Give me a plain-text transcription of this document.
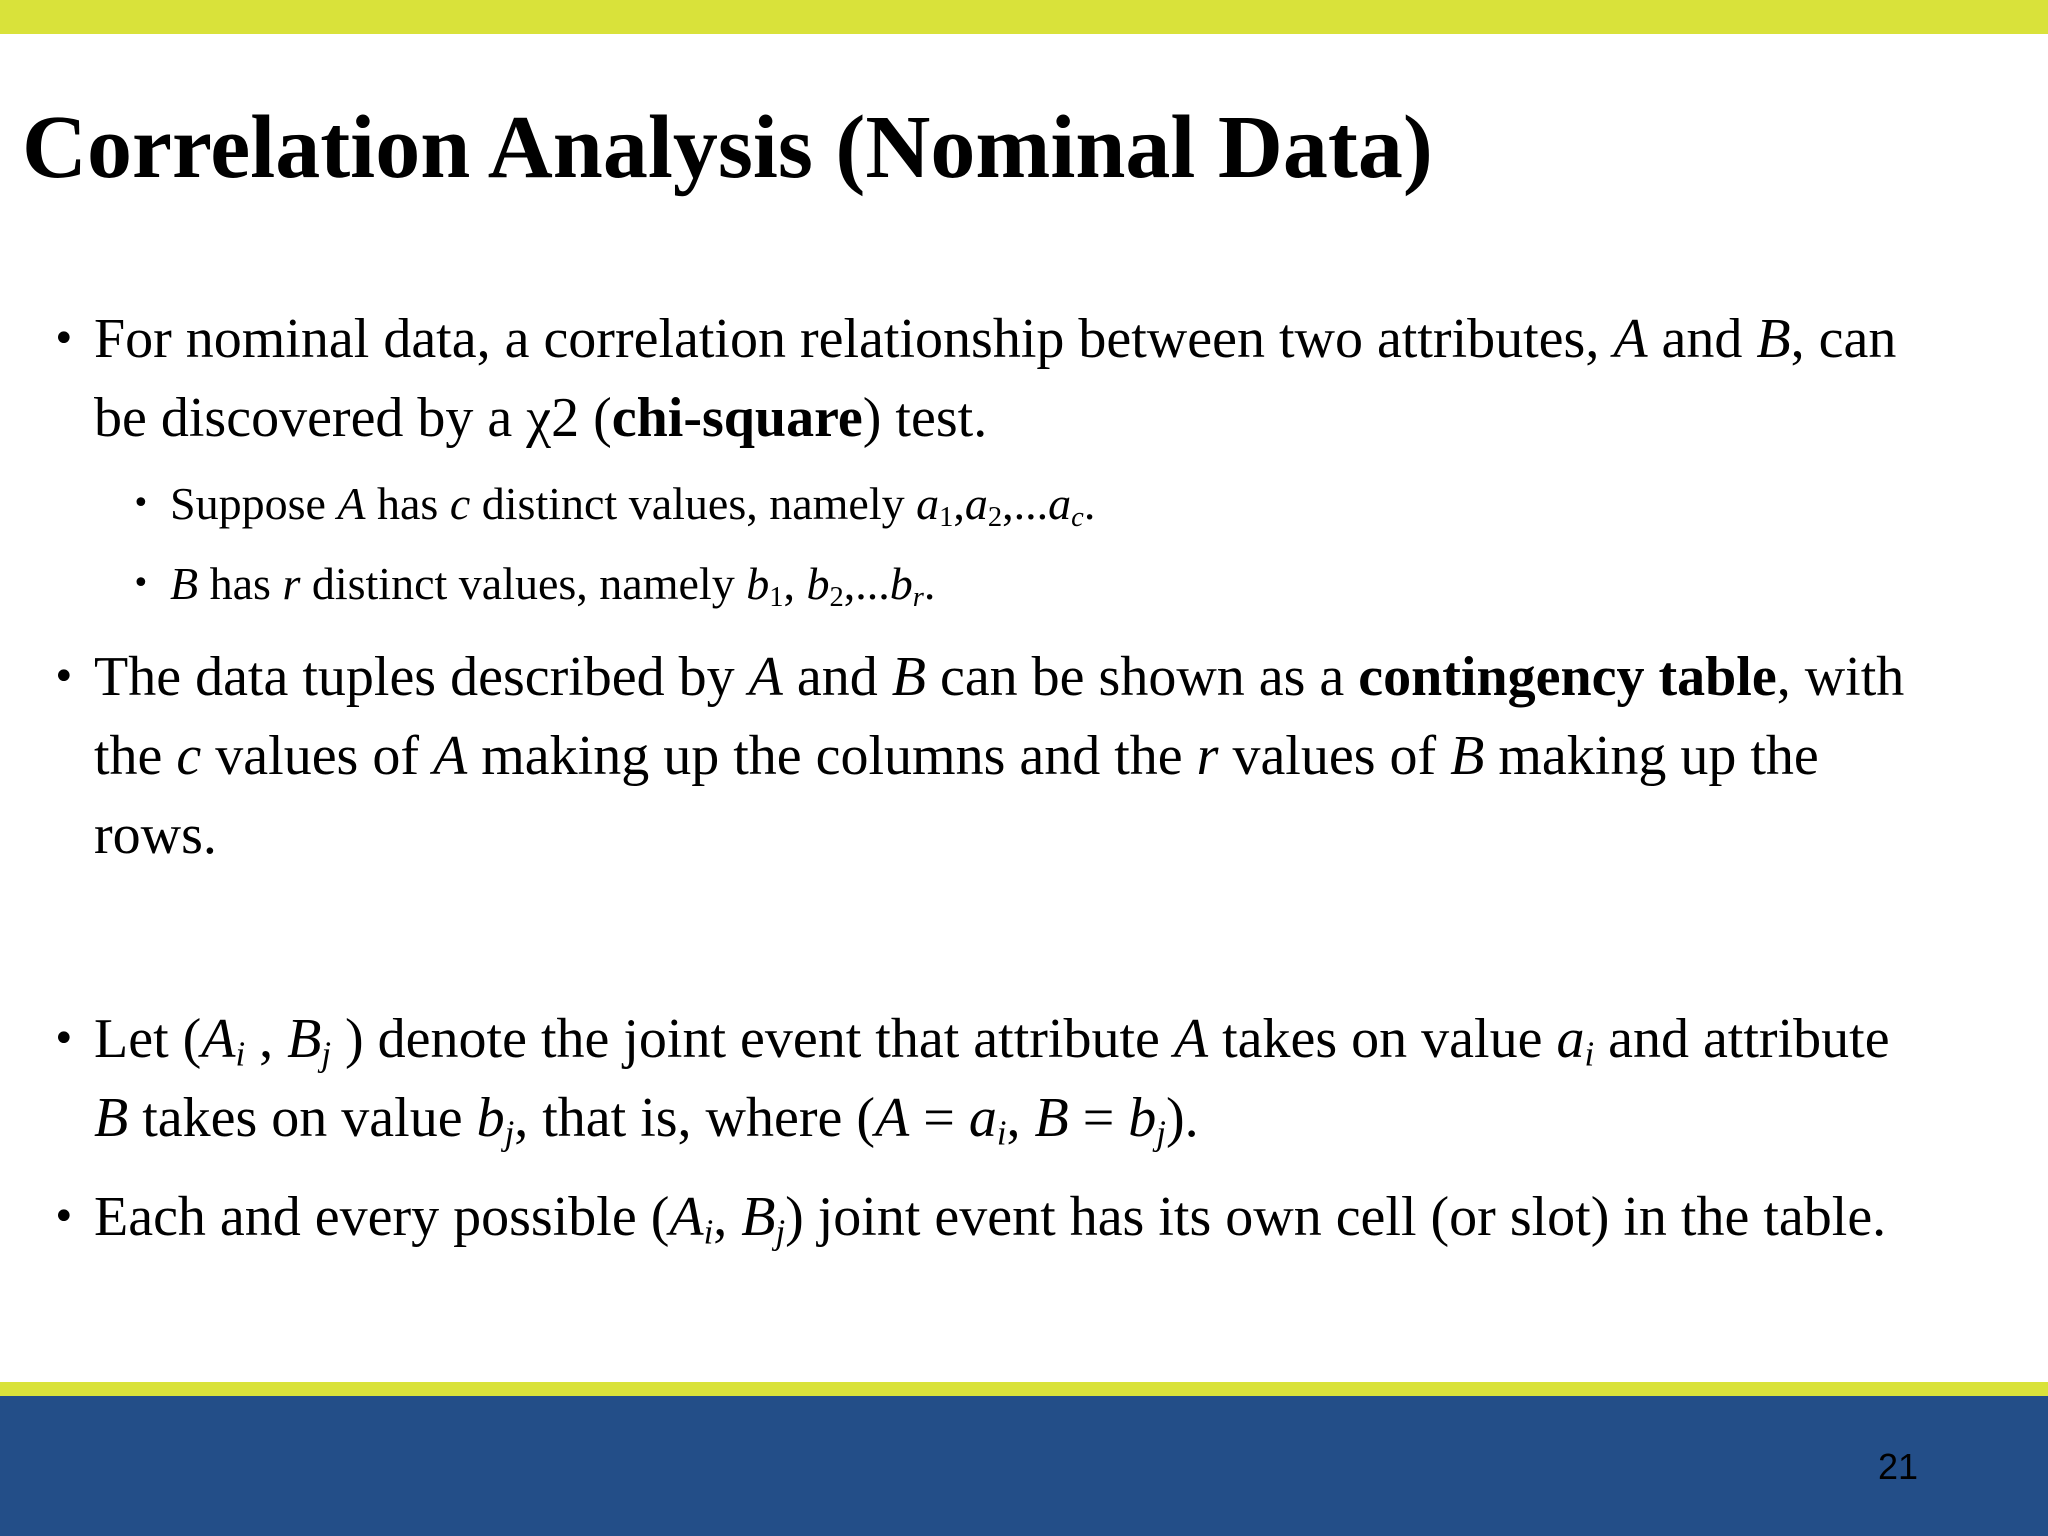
Correlation Analysis (Nominal Data)
• For nominal data, a correlation relationship between two attributes, A and B, can
be discovered by a χ2 (chi-square) test.
• Suppose A has c distinct values, namely $a_1,a_2,...a_c$.
• B has r distinct values, namely $b_1$, $b_2,...b_r$.
• The data tuples described by A and B can be shown as a contingency table, with
the c values of A making up the columns and the r values of B making up the
rows.
• Let ($A_i$ , $B_j$ ) denote the joint event that attribute A takes on value $a_i$ and attribute
B takes on value $b_j$, that is, where ($A = a_i$, $B = b_j$).
• Each and every possible ($A_i$, $B_j$) joint event has its own cell (or slot) in the table.
21
